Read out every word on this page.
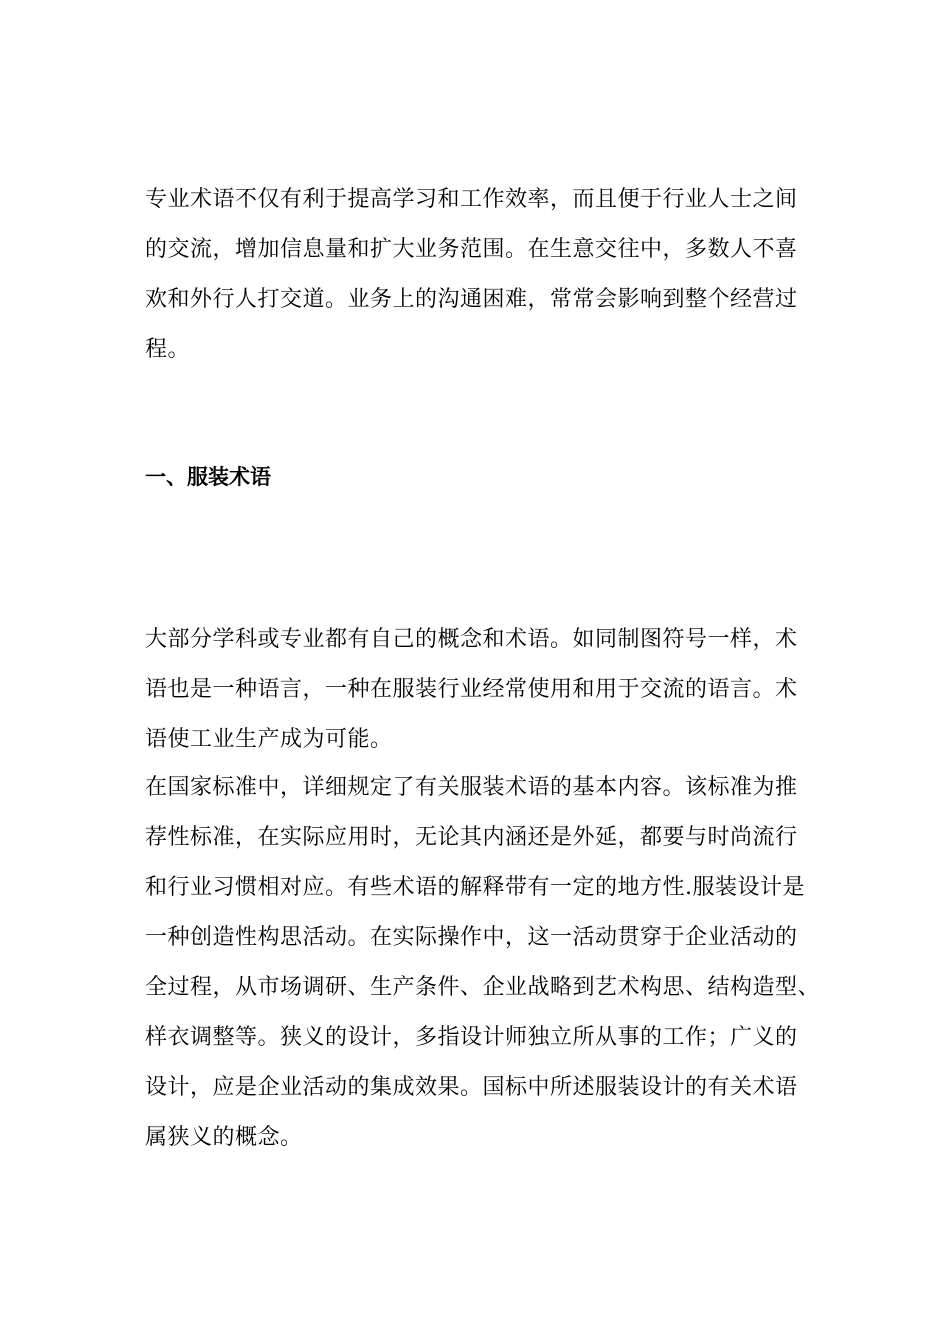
专业术语不仅有利于提高学习和工作效率，而且便于行业人士之间
的交流，增加信息量和扩大业务范围。在生意交往中，多数人不喜
欢和外行人打交道。业务上的沟通困难，常常会影响到整个经营过
程。
一、服装术语
大部分学科或专业都有自己的概念和术语。如同制图符号一样，术
语也是一种语言，一种在服装行业经常使用和用于交流的语言。术
语使工业生产成为可能。
在国家标准中，详细规定了有关服装术语的基本内容。该标准为推
荐性标准，在实际应用时，无论其内涵还是外延，都要与时尚流行
和行业习惯相对应。有些术语的解释带有一定的地方性.服装设计是
一种创造性构思活动。在实际操作中，这一活动贯穿于企业活动的
全过程，从市场调研、生产条件、企业战略到艺术构思、结构造型、
样衣调整等。狭义的设计，多指设计师独立所从事的工作；广义的
设计，应是企业活动的集成效果。国标中所述服装设计的有关术语
属狭义的概念。
